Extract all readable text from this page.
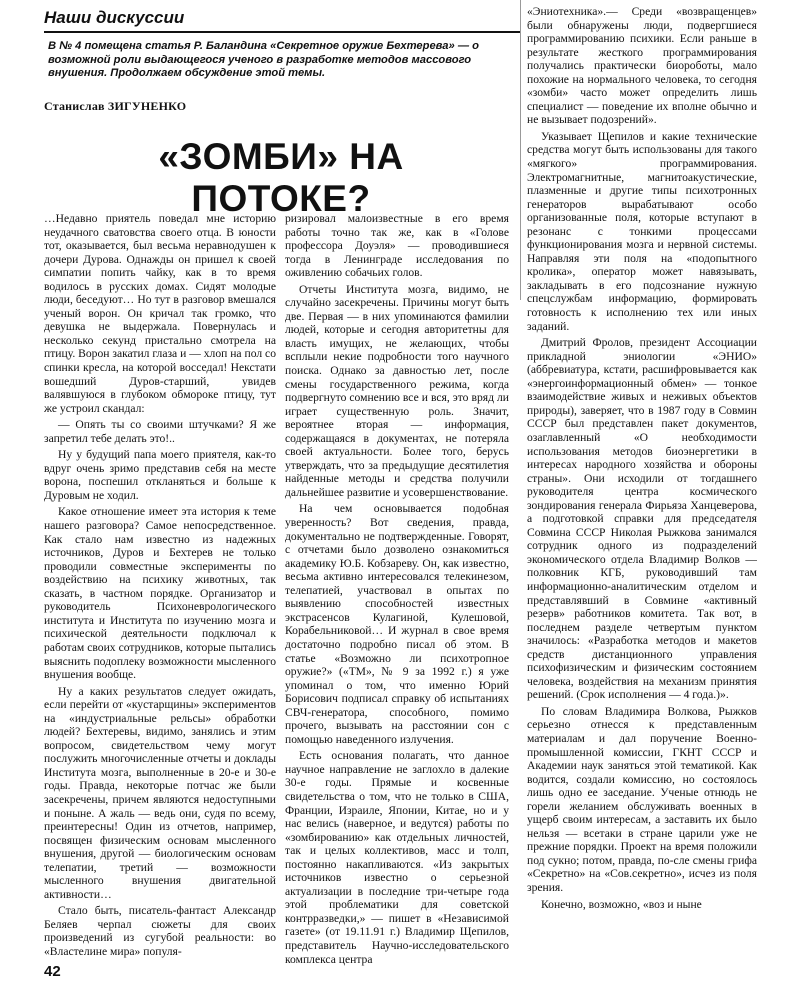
Наши дискуссии
В № 4 помещена статья Р. Баландина «Секретное оружие Бехтерева» — о возможной роли выдающегося ученого в разработке методов массового внушения. Продолжаем обсуждение этой темы.
Станислав ЗИГУНЕНКО
«ЗОМБИ» НА ПОТОКЕ?

…Недавно приятель поведал мне историю неудачного сватовства своего отца. В юности тот, оказывается, был весьма неравнодушен к дочери Дурова. Однажды он пришел к своей симпатии попить чайку, как в то время водилось в русских домах. Сидят молодые люди, беседуют… Но тут в разговор вмешался ученый ворон. Он кричал так громко, что девушка не выдержала. Повернулась и несколько секунд пристально смотрела на птицу. Ворон закатил глаза и — хлоп на пол со спинки кресла, на которой восседал! Некстати вошедший Дуров-старший, увидев валявшуюся в глубоком обмороке птицу, тут же устроил скандал:

— Опять ты со своими штучками? Я же запретил тебе делать это!..

Ну у будущий папа моего приятеля, как-то вдруг очень зримо представив себя на месте ворона, поспешил откланяться и больше к Дуровым не ходил.

Какое отношение имеет эта история к теме нашего разговора? Самое непосредственное. Как стало нам известно из надежных источников, Дуров и Бехтерев не только проводили совместные эксперименты по воздействию на психику животных, так сказать, в частном порядке. Организатор и руководитель Психоневрологического института и Института по изучению мозга и психической деятельности подключал к работам своих сотрудников, которые пытались выяснить подоплеку возможности мысленного внушения вообще.

Ну а каких результатов следует ожидать, если перейти от «кустарщины» экспериментов на «индустриальные рельсы» обработки людей? Бехтеревы, видимо, занялись и этим вопросом, свидетельством чему могут послужить многочисленные отчеты и доклады Института мозга, выполненные в 20-е и 30-е годы. Правда, некоторые потчас же были засекречены, причем являются недоступными и поныне. А жаль — ведь они, судя по всему, преинтересны! Один из отчетов, например, посвящен физическим основам мысленного внушения, другой — биологическим основам телепатии, третий — возможности мысленного внушения двигательной активности…

Стало быть, писатель-фантаст Александр Беляев черпал сюжеты для своих произведений из сугубой реальности: во «Властелине мира» популя-

ризировал малоизвестные в его время работы точно так же, как в «Голове профессора Доуэля» — проводившиеся тогда в Ленинграде исследования по оживлению собачьих голов.

Отчеты Института мозга, видимо, не случайно засекречены. Причины могут быть две. Первая — в них упоминаются фамилии людей, которые и сегодня авторитетны для власть имущих, не желающих, чтобы всплыли некие подробности того научного поиска. Однако за давностью лет, после смены государственного режима, когда подвергнуто сомнению все и вся, это вряд ли играет существенную роль. Значит, вероятнее вторая — информация, содержащаяся в документах, не потеряла своей актуальности. Более того, берусь утверждать, что за предыдущие десятилетия найденные методы и средства получили дальнейшее развитие и усовершенствование.

На чем основывается подобная уверенность? Вот сведения, правда, документально не подтвержденные. Говорят, с отчетами было дозволено ознакомиться академику Ю.Б. Кобзареву. Он, как известно, весьма активно интересовался телекинезом, телепатией, участвовал в опытах по выявлению способностей известных экстрасенсов Кулагиной, Кулешовой, Корабельниковой… И журнал в свое время достаточно подробно писал об этом. В статье «Возможно ли психотропное оружие?» («ТМ», № 9 за 1992 г.) я уже упоминал о том, что именно Юрий Борисович подписал справку об испытаниях СВЧ-генератора, способного, помимо прочего, вызывать на расстоянии сон с помощью наведенного излучения.

Есть основания полагать, что данное научное направление не заглохло в далекие 30-е годы. Прямые и косвенные свидетельства о том, что не только в США, Франции, Израиле, Японии, Китае, но и у нас велись (наверное, и ведутся) работы по «зомбированию» как отдельных личностей, так и целых коллективов, масс и толп, постоянно накапливаются. «Из закрытых источников известно о серьезной актуализации в последние три-четыре года этой проблематики для советской контрразведки,» — пишет в «Независимой газете» (от 19.11.91 г.) Владимир Щепилов, представитель Научно-исследовательского комплекса центра

«Эниотехника».— Среди «возвращенцев» были обнаружены люди, подвергшиеся программированию психики. Если раньше в результате жесткого программирования получались практически биороботы, мало похожие на нормального человека, то сегодня «зомби» часто может определить лишь специалист — поведение их вполне обычно и не вызывает подозрений».

Указывает Щепилов и какие технические средства могут быть использованы для такого «мягкого» программирования. Электромагнитные, магнитоакустические, плазменные и другие типы психотронных генераторов вырабатывают особо организованные поля, которые вступают в резонанс с тонкими процессами функционирования мозга и нервной системы. Направляя эти поля на «подопытного кролика», оператор может навязывать, закладывать в его подсознание нужную спецслужбам информацию, формировать готовность к исполнению тех или иных заданий.

Дмитрий Фролов, президент Ассоциации прикладной эниологии «ЭНИО» (аббревиатура, кстати, расшифровывается как «энергоинформационный обмен» — тонкое взаимодействие живых и неживых объектов природы), заверяет, что в 1987 году в Совмин СССР был представлен пакет документов, озаглавленный «О необходимости использования методов биоэнергетики в интересах народного хозяйства и обороны страны». Они исходили от тогдашнего руководителя центра космического зондирования генерала Фирьяза Ханцеверова, а подготовкой справки для председателя Совмина СССР Николая Рыжкова занимался сотрудник одного из подразделений экономического отдела Владимир Волков — полковник КГБ, руководивший там информационно-аналитическим отделом и представлявший в Совмине «активный резерв» работников комитета. Так вот, в последнем разделе четвертым пунктом значилось: «Разработка методов и макетов средств дистанционного управления психофизическим и физическим состоянием человека, воздействия на механизм принятия решений. (Срок исполнения — 4 года.)».

По словам Владимира Волкова, Рыжков серьезно отнесся к представленным материалам и дал поручение Военно-промышленной комиссии, ГКНТ СССР и Академии наук заняться этой тематикой. Как водится, создали комиссию, но состоялось лишь одно ее заседание. Ученые отнюдь не горели желанием обслуживать военных в ущерб своим интересам, а заставить их было нельзя — всетаки в стране царили уже не прежние порядки. Проект на время положили под сукно; потом, правда, по-сле смены грифа «Секретно» на «Сов.секретно», исчез из поля зрения.

Конечно, возможно, «воз и ныне

42
